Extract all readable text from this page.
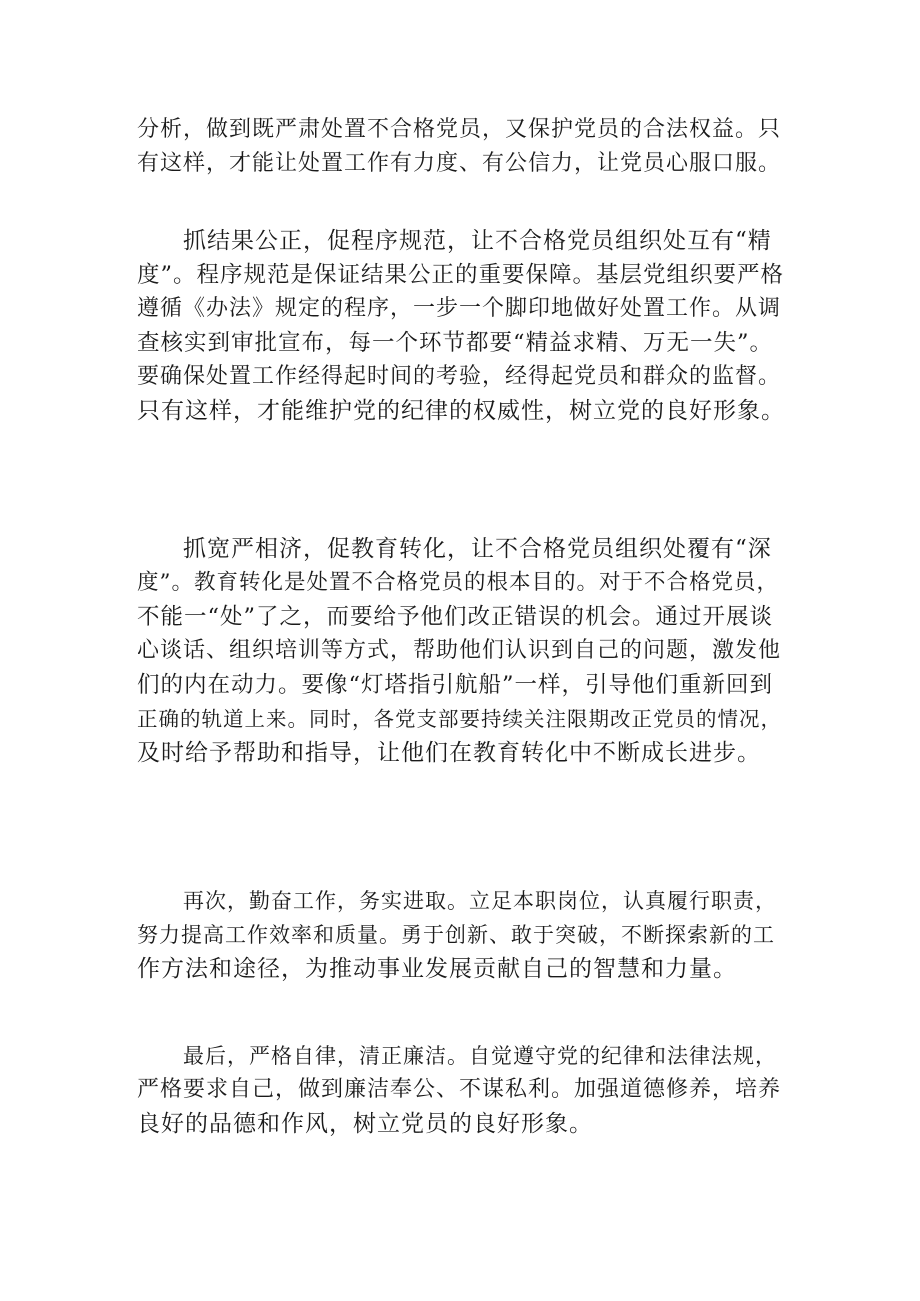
分析，做到既严肃处置不合格党员，又保护党员的合法权益。只
有这样，才能让处置工作有力度、有公信力，让党员心服口服。
抓结果公正，促程序规范，让不合格党员组织处互有“精
度”。程序规范是保证结果公正的重要保障。基层党组织要严格
遵循《办法》规定的程序，一步一个脚印地做好处置工作。从调
查核实到审批宣布，每一个环节都要“精益求精、万无一失”。
要确保处置工作经得起时间的考验，经得起党员和群众的监督。
只有这样，才能维护党的纪律的权威性，树立党的良好形象。
抓宽严相济，促教育转化，让不合格党员组织处覆有“深
度”。教育转化是处置不合格党员的根本目的。对于不合格党员，
不能一“处”了之，而要给予他们改正错误的机会。通过开展谈
心谈话、组织培训等方式，帮助他们认识到自己的问题，激发他
们的内在动力。要像“灯塔指引航船”一样，引导他们重新回到
正确的轨道上来。同时，各党支部要持续关注限期改正党员的情况，
及时给予帮助和指导，让他们在教育转化中不断成长进步。
再次，勤奋工作，务实进取。立足本职岗位，认真履行职责，
努力提高工作效率和质量。勇于创新、敢于突破，不断探索新的工
作方法和途径，为推动事业发展贡献自己的智慧和力量。
最后，严格自律，清正廉洁。自觉遵守党的纪律和法律法规，
严格要求自己，做到廉洁奉公、不谋私利。加强道德修养，培养
良好的品德和作风，树立党员的良好形象。
